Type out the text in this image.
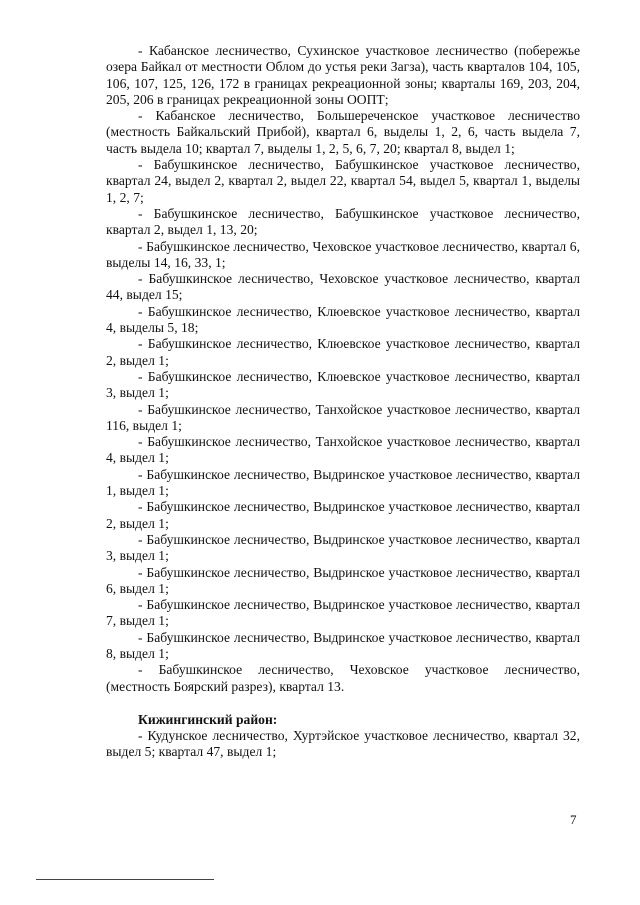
- Кабанское лесничество, Сухинское участковое лесничество (побережье озера Байкал от местности Облом до устья реки Загза), часть кварталов 104, 105, 106, 107, 125, 126, 172 в границах рекреационной зоны; кварталы 169, 203, 204, 205, 206 в границах рекреационной зоны ООПТ;

- Кабанское лесничество, Большереченское участковое лесничество (местность Байкальский Прибой), квартал 6, выделы 1, 2, 6, часть выдела 7, часть выдела 10; квартал 7, выделы 1, 2, 5, 6, 7, 20; квартал 8, выдел 1;

- Бабушкинское лесничество, Бабушкинское участковое лесничество, квартал 24, выдел 2, квартал 2, выдел 22, квартал 54, выдел 5, квартал 1, выделы 1, 2, 7;

- Бабушкинское лесничество, Бабушкинское участковое лесничество, квартал 2, выдел 1, 13, 20;

- Бабушкинское лесничество, Чеховское участковое лесничество, квартал 6, выделы 14, 16, 33, 1;

- Бабушкинское лесничество, Чеховское участковое лесничество, квартал 44, выдел 15;

- Бабушкинское лесничество, Клюевское участковое лесничество, квартал 4, выделы 5, 18;

- Бабушкинское лесничество, Клюевское участковое лесничество, квартал 2, выдел 1;

- Бабушкинское лесничество, Клюевское участковое лесничество, квартал 3, выдел 1;

- Бабушкинское лесничество, Танхойское участковое лесничество, квартал 116, выдел 1;

- Бабушкинское лесничество, Танхойское участковое лесничество, квартал 4, выдел 1;

- Бабушкинское лесничество, Выдринское участковое лесничество, квартал 1, выдел 1;

- Бабушкинское лесничество, Выдринское участковое лесничество, квартал 2, выдел 1;

- Бабушкинское лесничество, Выдринское участковое лесничество, квартал 3, выдел 1;

- Бабушкинское лесничество, Выдринское участковое лесничество, квартал 6, выдел 1;

- Бабушкинское лесничество, Выдринское участковое лесничество, квартал 7, выдел 1;

- Бабушкинское лесничество, Выдринское участковое лесничество, квартал 8, выдел 1;

- Бабушкинское лесничество, Чеховское участковое лесничество, (местность Боярский разрез), квартал 13.

Кижингинский район:

- Кудунское лесничество, Хуртэйское участковое лесничество, квартал 32, выдел 5; квартал 47, выдел 1;

7
